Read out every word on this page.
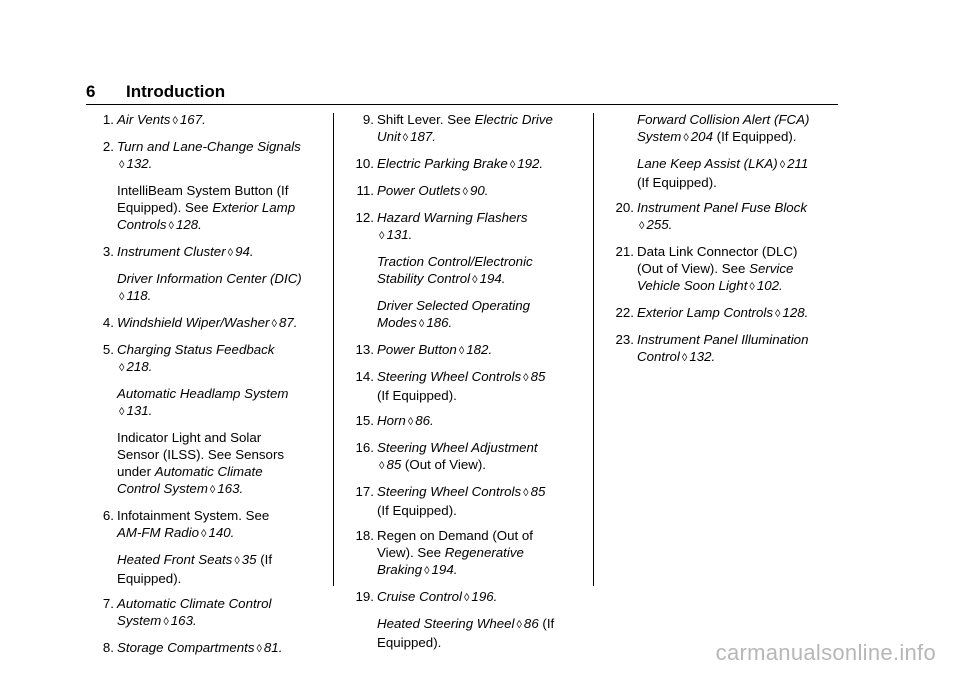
6 Introduction
1. Air Vents ◊ 167.
2. Turn and Lane-Change Signals
◊ 132.
IntelliBeam System Button (If
Equipped). See Exterior Lamp
Controls ◊ 128.
3. Instrument Cluster ◊ 94.
Driver Information Center (DIC)
◊ 118.
4. Windshield Wiper/Washer ◊ 87.
5. Charging Status Feedback
◊ 218.
Automatic Headlamp System
◊ 131.
Indicator Light and Solar
Sensor (ILSS). See Sensors
under Automatic Climate
Control System ◊ 163.
6. Infotainment System. See
AM-FM Radio ◊ 140.
Heated Front Seats ◊ 35 (If
Equipped).
7. Automatic Climate Control
System ◊ 163.
8. Storage Compartments ◊ 81.
9. Shift Lever. See Electric Drive
Unit ◊ 187.
10. Electric Parking Brake ◊ 192.
11. Power Outlets ◊ 90.
12. Hazard Warning Flashers
◊ 131.
Traction Control/Electronic
Stability Control ◊ 194.
Driver Selected Operating
Modes ◊ 186.
13. Power Button ◊ 182.
14. Steering Wheel Controls ◊ 85
(If Equipped).
15. Horn ◊ 86.
16. Steering Wheel Adjustment
◊ 85 (Out of View).
17. Steering Wheel Controls ◊ 85
(If Equipped).
18. Regen on Demand (Out of
View). See Regenerative
Braking ◊ 194.
19. Cruise Control ◊ 196.
Heated Steering Wheel ◊ 86 (If
Equipped).
Forward Collision Alert (FCA)
System ◊ 204 (If Equipped).
Lane Keep Assist (LKA) ◊ 211
(If Equipped).
20. Instrument Panel Fuse Block
◊ 255.
21. Data Link Connector (DLC)
(Out of View). See Service
Vehicle Soon Light ◊ 102.
22. Exterior Lamp Controls ◊ 128.
23. Instrument Panel Illumination
Control ◊ 132.
carmanualsonline.info
